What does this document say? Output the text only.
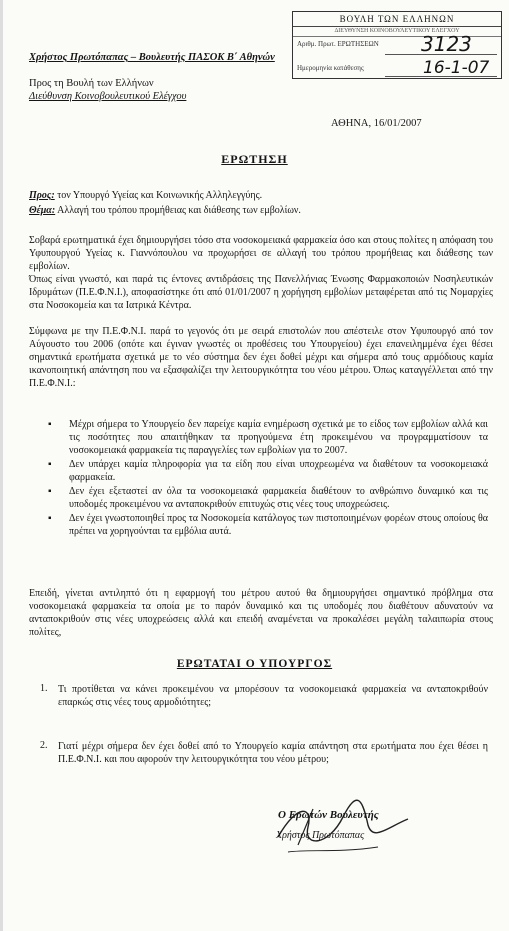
ΒΟΥΛΗ ΤΩΝ ΕΛΛΗΝΩΝ
ΔΙΕΥΘΥΝΣΗ ΚΟΙΝΟΒΟΥΛΕΥΤΙΚΟΥ ΕΛΕΓΧΟΥ
Αριθμ. Πρωτ. ΕΡΩΤΗΣΕΩΝ 3123
Ημερομηνία κατάθεσης	16-1-07
Χρήστος Πρωτόπαπας – Βουλευτής ΠΑΣΟΚ Β΄ Αθηνών
Προς τη Βουλή των Ελλήνων
Διεύθυνση Κοινοβουλευτικού Ελέγχου
ΑΘΗΝΑ, 16/01/2007
ΕΡΩΤΗΣΗ
Προς: τον Υπουργό Υγείας και Κοινωνικής Αλληλεγγύης.
Θέμα: Αλλαγή του τρόπου προμήθειας και διάθεσης των εμβολίων.
Σοβαρά ερωτηματικά έχει δημιουργήσει τόσο στα νοσοκομειακά φαρμακεία όσο και στους πολίτες η απόφαση του Υφυπουργού Υγείας κ. Γιαννόπουλου να προχωρήσει σε αλλαγή του τρόπου προμήθειας και διάθεσης των εμβολίων.
Όπως είναι γνωστό, και παρά τις έντονες αντιδράσεις της Πανελλήνιας Ένωσης Φαρμακοποιών Νοσηλευτικών Ιδρυμάτων (Π.Ε.Φ.Ν.Ι.), αποφασίστηκε ότι από 01/01/2007 η χορήγηση εμβολίων μεταφέρεται από τις Νομαρχίες στα Νοσοκομεία και τα Ιατρικά Κέντρα.
Σύμφωνα με την Π.Ε.Φ.Ν.Ι. παρά το γεγονός ότι με σειρά επιστολών που απέστειλε στον Υφυπουργό από τον Αύγουστο του 2006 (οπότε και έγιναν γνωστές οι προθέσεις του Υπουργείου) έχει επανειλημμένα έχει θέσει σημαντικά ερωτήματα σχετικά με το νέο σύστημα δεν έχει δοθεί μέχρι και σήμερα από τους αρμόδιους καμία ικανοποιητική απάντηση που να εξασφαλίζει την λειτουργικότητα του νέου μέτρου. Όπως καταγγέλλεται από την Π.Ε.Φ.Ν.Ι.:
▪ Μέχρι σήμερα το Υπουργείο δεν παρείχε καμία ενημέρωση σχετικά με το είδος των εμβολίων αλλά και τις ποσότητες που απαιτήθηκαν τα προηγούμενα έτη προκειμένου να προγραμματίσουν τα νοσοκομειακά φαρμακεία τις παραγγελίες των εμβολίων για το 2007.
▪ Δεν υπάρχει καμία πληροφορία για τα είδη που είναι υποχρεωμένα να διαθέτουν τα νοσοκομειακά φαρμακεία.
▪ Δεν έχει εξεταστεί αν όλα τα νοσοκομειακά φαρμακεία διαθέτουν το ανθρώπινο δυναμικό και τις υποδομές προκειμένου να ανταποκριθούν επιτυχώς στις νέες τους υποχρεώσεις.
▪ Δεν έχει γνωστοποιηθεί προς τα Νοσοκομεία κατάλογος των πιστοποιημένων φορέων στους οποίους θα πρέπει να χορηγούνται τα εμβόλια αυτά.
Επειδή, γίνεται αντιληπτό ότι η εφαρμογή του μέτρου αυτού θα δημιουργήσει σημαντικό πρόβλημα στα νοσοκομειακά φαρμακεία τα οποία με το παρόν δυναμικό και τις υποδομές που διαθέτουν αδυνατούν να ανταποκριθούν στις νέες υποχρεώσεις αλλά και επειδή αναμένεται να προκαλέσει μεγάλη ταλαιπωρία στους πολίτες,
ΕΡΩΤΑΤΑΙ Ο ΥΠΟΥΡΓΟΣ
1. Τι προτίθεται να κάνει προκειμένου να μπορέσουν τα νοσοκομειακά φαρμακεία να ανταποκριθούν επαρκώς στις νέες τους αρμοδιότητες;
2. Γιατί μέχρι σήμερα δεν έχει δοθεί από το Υπουργείο καμία απάντηση στα ερωτήματα που έχει θέσει η Π.Ε.Φ.Ν.Ι. και που αφορούν την λειτουργικότητα του νέου μέτρου;
Ο Ερωτών Βουλευτής
Χρήστος Πρωτόπαπας
